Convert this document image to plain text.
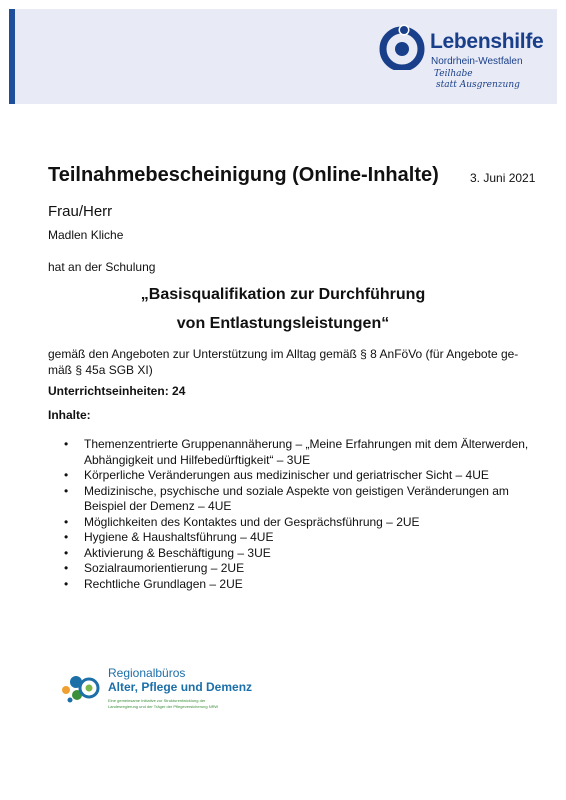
Lebenshilfe
Nordrhein-Westfalen
Teilhabe
statt Ausgrenzung
Teilnahmebescheinigung (Online-Inhalte)	3. Juni 2021
Frau/Herr
Madlen Kliche
hat an der Schulung
„Basisqualifikation zur Durchführung
von Entlastungsleistungen“
gemäß den Angeboten zur Unterstützung im Alltag gemäß § 8 AnFöVo (für Angebote ge-mäß § 45a SGB XI)
Unterrichtseinheiten: 24
Inhalte:
• Themenzentrierte Gruppenannäherung – „Meine Erfahrungen mit dem Älterwerden, Abhängigkeit und Hilfebedürftigkeit“ – 3UE
• Körperliche Veränderungen aus medizinischer und geriatrischer Sicht – 4UE
• Medizinische, psychische und soziale Aspekte von geistigen Veränderungen am Beispiel der Demenz – 4UE
• Möglichkeiten des Kontaktes und der Gesprächsführung – 2UE
• Hygiene & Haushaltsführung – 4UE
• Aktivierung & Beschäftigung – 3UE
• Sozialraumorientierung – 2UE
• Rechtliche Grundlagen – 2UE
Regionalbüros
Alter, Pflege und Demenz
Eine gemeinsame Initiative zur Strukturentwicklung der
Landesregierung und der Träger der Pflegeversicherung NRW
